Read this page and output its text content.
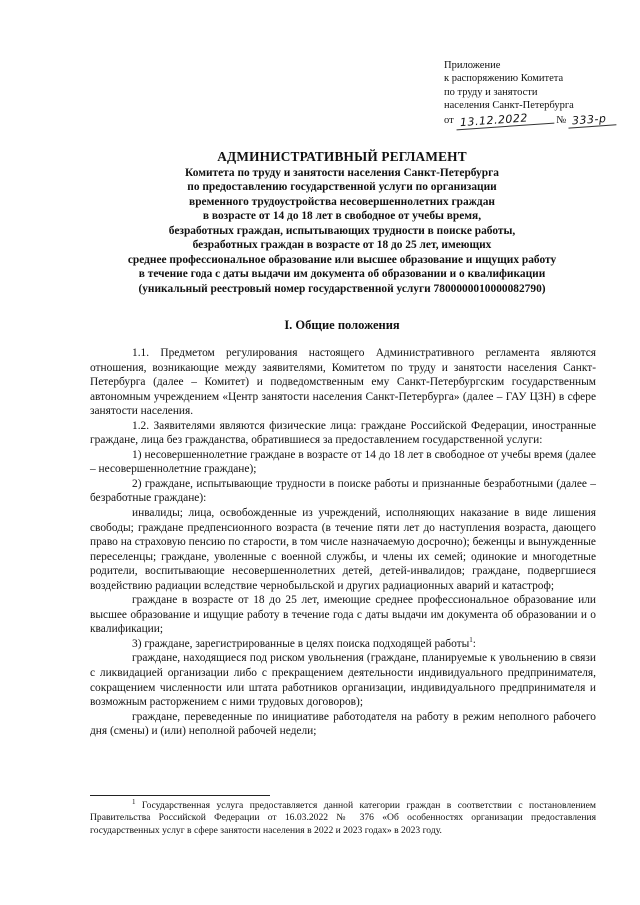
Приложение
к распоряжению Комитета
по труду и занятости
населения Санкт-Петербурга
от 13.12.2022	№ 333-р
АДМИНИСТРАТИВНЫЙ РЕГЛАМЕНТ
Комитета по труду и занятости населения Санкт-Петербурга
по предоставлению государственной услуги по организации
временного трудоустройства несовершеннолетних граждан
в возрасте от 14 до 18 лет в свободное от учебы время,
безработных граждан, испытывающих трудности в поиске работы,
безработных граждан в возрасте от 18 до 25 лет, имеющих
среднее профессиональное образование или высшее образование и ищущих работу
в течение года с даты выдачи им документа об образовании и о квалификации
(уникальный реестровый номер государственной услуги 7800000010000082790)
I. Общие положения

1.1. Предметом регулирования настоящего Административного регламента являются отношения, возникающие между заявителями, Комитетом по труду и занятости населения Санкт-Петербурга (далее – Комитет) и подведомственным ему Санкт-Петербургским государственным автономным учреждением «Центр занятости населения Санкт-Петербурга» (далее – ГАУ ЦЗН) в сфере занятости населения.

1.2. Заявителями являются физические лица: граждане Российской Федерации, иностранные граждане, лица без гражданства, обратившиеся за предоставлением государственной услуги:

1) несовершеннолетние граждане в возрасте от 14 до 18 лет в свободное от учебы время (далее – несовершеннолетние граждане);

2) граждане, испытывающие трудности в поиске работы и признанные безработными (далее – безработные граждане):

инвалиды; лица, освобожденные из учреждений, исполняющих наказание в виде лишения свободы; граждане предпенсионного возраста (в течение пяти лет до наступления возраста, дающего право на страховую пенсию по старости, в том числе назначаемую досрочно); беженцы и вынужденные переселенцы; граждане, уволенные с военной службы, и члены их семей; одинокие и многодетные родители, воспитывающие несовершеннолетних детей, детей-инвалидов; граждане, подвергшиеся воздействию радиации вследствие чернобыльской и других радиационных аварий и катастроф;

граждане в возрасте от 18 до 25 лет, имеющие среднее профессиональное образование или высшее образование и ищущие работу в течение года с даты выдачи им документа об образовании и о квалификации;

3) граждане, зарегистрированные в целях поиска подходящей работы$^1$:

граждане, находящиеся под риском увольнения (граждане, планируемые к увольнению в связи с ликвидацией организации либо с прекращением деятельности индивидуального предпринимателя, сокращением численности или штата работников организации, индивидуального предпринимателя и возможным расторжением с ними трудовых договоров);

граждане, переведенные по инициативе работодателя на работу в режим неполного рабочего дня (смены) и (или) неполной рабочей недели;

$^1$ Государственная услуга предоставляется данной категории граждан в соответствии с постановлением Правительства Российской Федерации от 16.03.2022 № 376 «Об особенностях организации предоставления государственных услуг в сфере занятости населения в 2022 и 2023 годах» в 2023 году.
